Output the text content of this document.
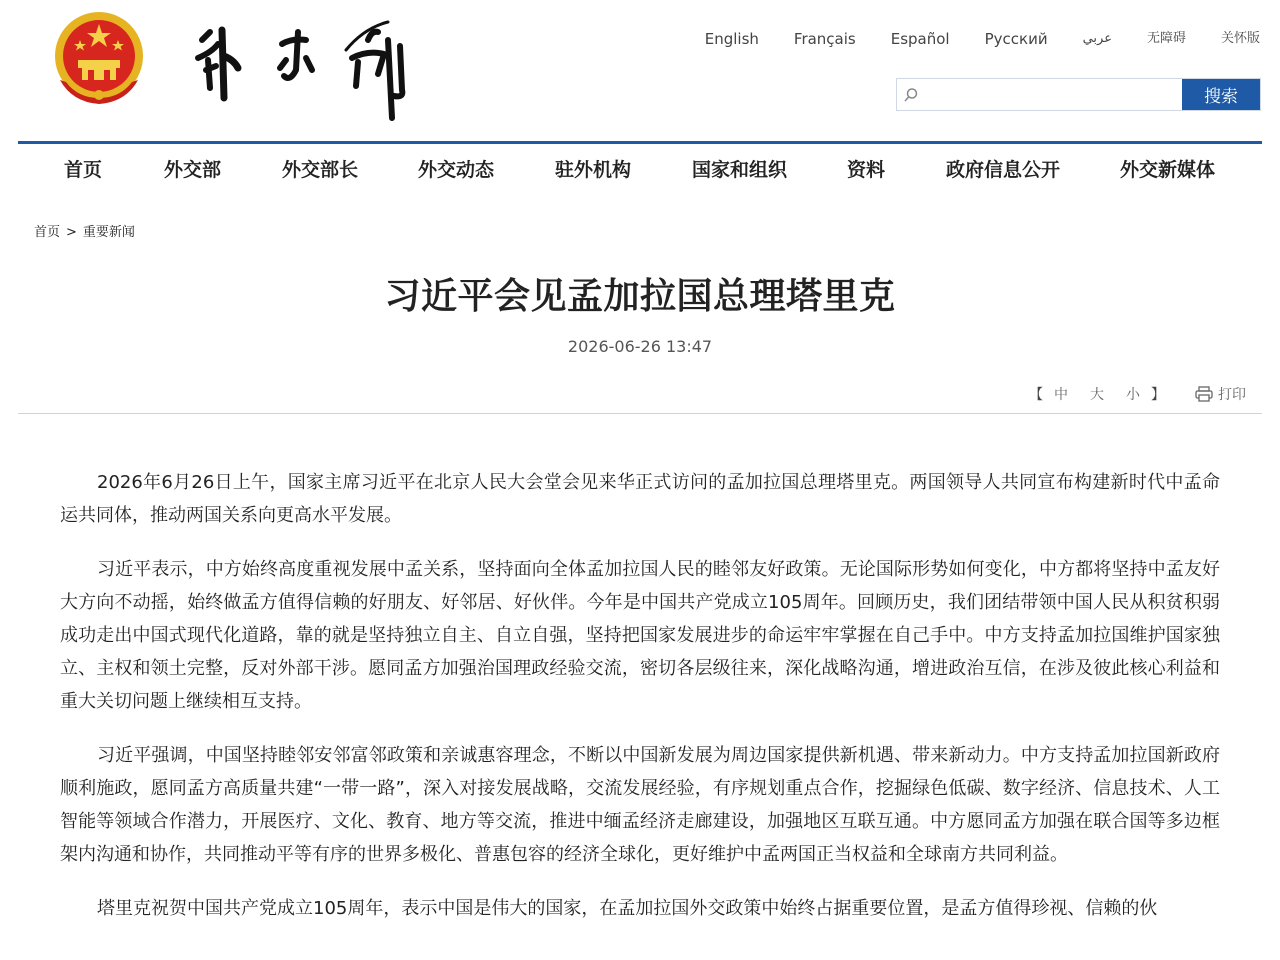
English Français Español Русский	عربي	无障碍	关怀版
搜索
首页	外交部	外交部长	外交动态	驻外机构	国家和组织	资料	政府信息公开	外交新媒体
首页 > 重要新闻
习近平会见孟加拉国总理塔里克
2026-06-26 13:47
【 中 大 小 】	打印

2026年6月26日上午，国家主席习近平在北京人民大会堂会见来华正式访问的孟加拉国总理塔里克。两国领导人共同宣布构建新时代中孟命运共同体，推动两国关系向更高水平发展。

习近平表示，中方始终高度重视发展中孟关系，坚持面向全体孟加拉国人民的睦邻友好政策。无论国际形势如何变化，中方都将坚持中孟友好大方向不动摇，始终做孟方值得信赖的好朋友、好邻居、好伙伴。今年是中国共产党成立105周年。回顾历史，我们团结带领中国人民从积贫积弱成功走出中国式现代化道路，靠的就是坚持独立自主、自立自强，坚持把国家发展进步的命运牢牢掌握在自己手中。中方支持孟加拉国维护国家独立、主权和领土完整，反对外部干涉。愿同孟方加强治国理政经验交流，密切各层级往来，深化战略沟通，增进政治互信，在涉及彼此核心利益和重大关切问题上继续相互支持。

习近平强调，中国坚持睦邻安邻富邻政策和亲诚惠容理念，不断以中国新发展为周边国家提供新机遇、带来新动力。中方支持孟加拉国新政府顺利施政，愿同孟方高质量共建“一带一路”，深入对接发展战略，交流发展经验，有序规划重点合作，挖掘绿色低碳、数字经济、信息技术、人工智能等领域合作潜力，开展医疗、文化、教育、地方等交流，推进中缅孟经济走廊建设，加强地区互联互通。中方愿同孟方加强在联合国等多边框架内沟通和协作，共同推动平等有序的世界多极化、普惠包容的经济全球化，更好维护中孟两国正当权益和全球南方共同利益。

塔里克祝贺中国共产党成立105周年，表示中国是伟大的国家，在孟加拉国外交政策中始终占据重要位置，是孟方值得珍视、信赖的伙
